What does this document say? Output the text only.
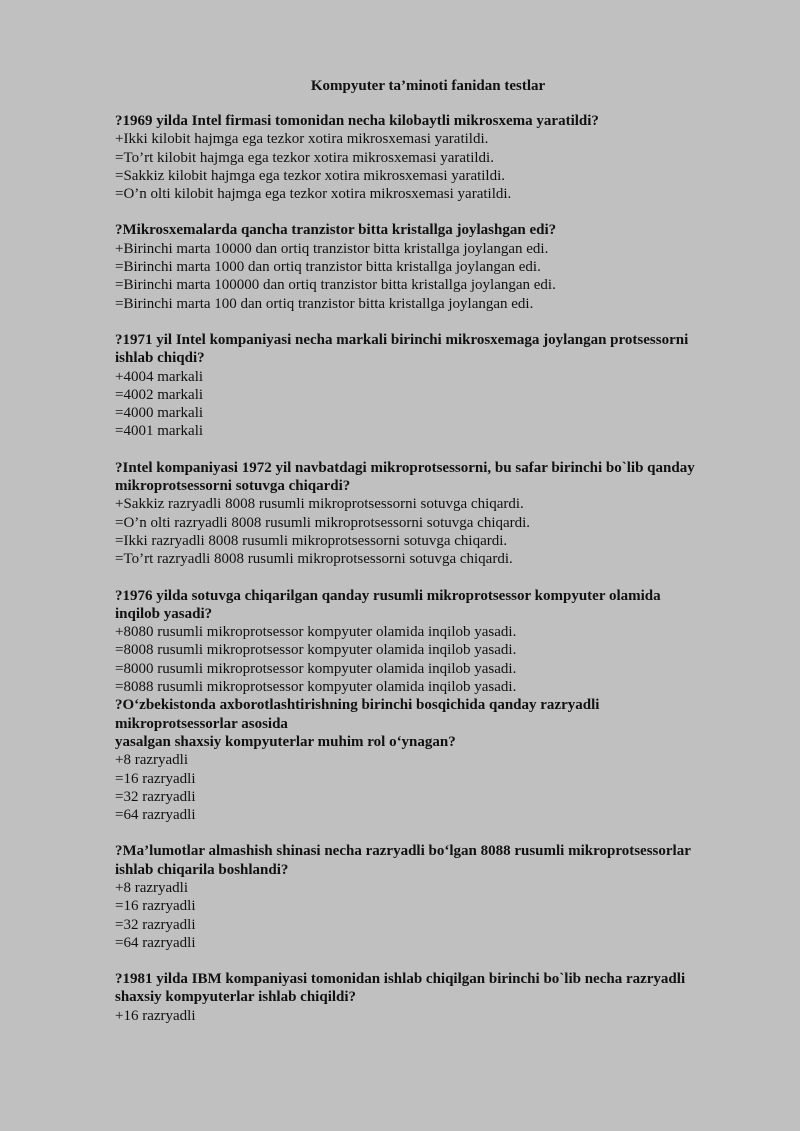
Kompyuter ta’minoti fanidan testlar
?1969 yilda Intel firmasi tomonidan necha kilobaytli mikrosxema yaratildi?
+Ikki kilobit hajmga ega tezkor xotira mikrosxemasi yaratildi.
=To’rt kilobit hajmga ega tezkor xotira mikrosxemasi yaratildi.
=Sakkiz kilobit hajmga ega tezkor xotira mikrosxemasi yaratildi.
=O’n olti kilobit hajmga ega tezkor xotira mikrosxemasi yaratildi.
?Mikrosxemalarda qancha tranzistor bitta kristallga joylashgan edi?
+Birinchi marta 10000 dan ortiq tranzistor bitta kristallga joylangan edi.
=Birinchi marta 1000 dan ortiq tranzistor bitta kristallga joylangan edi.
=Birinchi marta 100000 dan ortiq tranzistor bitta kristallga joylangan edi.
=Birinchi marta 100 dan ortiq tranzistor bitta kristallga joylangan edi.
?1971 yil Intel kompaniyasi necha markali birinchi mikrosxemaga joylangan protsessorni
ishlab chiqdi?
+4004 markali
=4002 markali
=4000 markali
=4001 markali
?Intel kompaniyasi 1972 yil navbatdagi mikroprotsessorni, bu safar birinchi bo`lib qanday
mikroprotsessorni sotuvga chiqardi?
+Sakkiz razryadli 8008 rusumli mikroprotsessorni sotuvga chiqardi.
=O’n olti razryadli 8008 rusumli mikroprotsessorni sotuvga chiqardi.
=Ikki razryadli 8008 rusumli mikroprotsessorni sotuvga chiqardi.
=To’rt razryadli 8008 rusumli mikroprotsessorni sotuvga chiqardi.
?1976 yilda sotuvga chiqarilgan qanday rusumli mikroprotsessor kompyuter olamida
inqilob yasadi?
+8080 rusumli mikroprotsessor kompyuter olamida inqilob yasadi.
=8008 rusumli mikroprotsessor kompyuter olamida inqilob yasadi.
=8000 rusumli mikroprotsessor kompyuter olamida inqilob yasadi.
=8088 rusumli mikroprotsessor kompyuter olamida inqilob yasadi.
?O‘zbekistonda axborotlashtirishning birinchi bosqichida qanday razryadli
mikroprotsessorlar asosida
yasalgan shaxsiy kompyuterlar muhim rol o‘ynagan?
+8 razryadli
=16 razryadli
=32 razryadli
=64 razryadli
?Ma’lumotlar almashish shinasi necha razryadli bo‘lgan 8088 rusumli mikroprotsessorlar
ishlab chiqarila boshlandi?
+8 razryadli
=16 razryadli
=32 razryadli
=64 razryadli
?1981 yilda IBM kompaniyasi tomonidan ishlab chiqilgan birinchi bo`lib necha razryadli
shaxsiy kompyuterlar ishlab chiqildi?
+16 razryadli
